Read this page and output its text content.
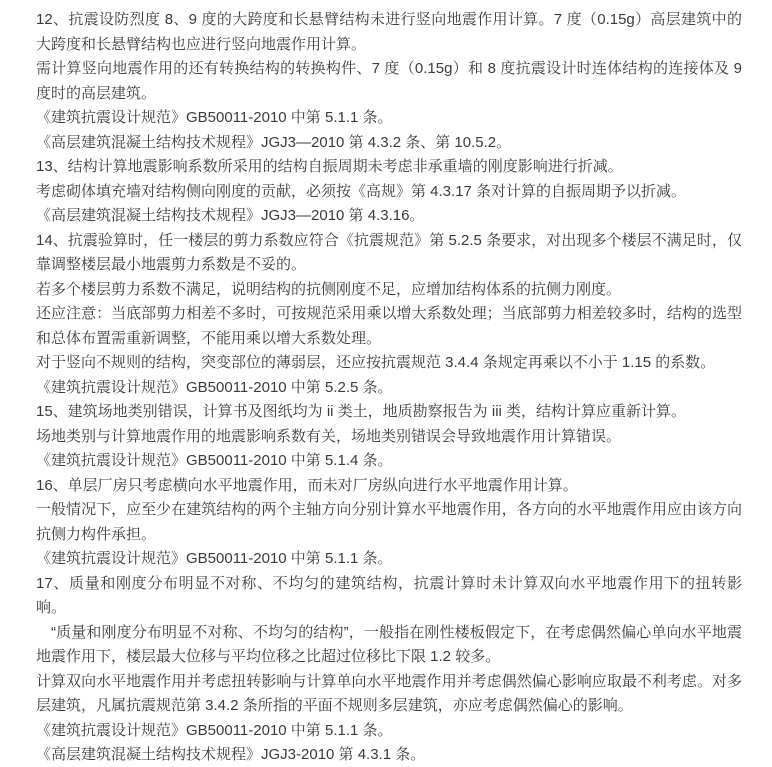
12、抗震设防烈度 8、9 度的大跨度和长悬臂结构未进行竖向地震作用计算。7 度（0.15g）高层建筑中的大跨度和长悬臂结构也应进行竖向地震作用计算。

需计算竖向地震作用的还有转换结构的转换构件、7 度（0.15g）和 8 度抗震设计时连体结构的连接体及 9 度时的高层建筑。

《建筑抗震设计规范》GB50011-2010 中第 5.1.1 条。

《高层建筑混凝土结构技术规程》JGJ3—2010 第 4.3.2 条、第 10.5.2。

13、结构计算地震影响系数所采用的结构自振周期未考虑非承重墙的刚度影响进行折减。

考虑砌体填充墙对结构侧向刚度的贡献，必须按《高规》第 4.3.17 条对计算的自振周期予以折减。

《高层建筑混凝土结构技术规程》JGJ3—2010 第 4.3.16。

14、抗震验算时，任一楼层的剪力系数应符合《抗震规范》第 5.2.5 条要求，对出现多个楼层不满足时，仅靠调整楼层最小地震剪力系数是不妥的。

若多个楼层剪力系数不满足，说明结构的抗侧刚度不足，应增加结构体系的抗侧力刚度。

还应注意：当底部剪力相差不多时，可按规范采用乘以增大系数处理；当底部剪力相差较多时，结构的选型和总体布置需重新调整，不能用乘以增大系数处理。

对于竖向不规则的结构，突变部位的薄弱层，还应按抗震规范 3.4.4 条规定再乘以不小于 1.15 的系数。

《建筑抗震设计规范》GB50011-2010 中第 5.2.5 条。

15、建筑场地类别错误，计算书及图纸均为 ii 类土，地质勘察报告为 iii 类，结构计算应重新计算。

场地类别与计算地震作用的地震影响系数有关，场地类别错误会导致地震作用计算错误。

《建筑抗震设计规范》GB50011-2010 中第 5.1.4 条。

16、单层厂房只考虑横向水平地震作用，而未对厂房纵向进行水平地震作用计算。

一般情况下，应至少在建筑结构的两个主轴方向分别计算水平地震作用，各方向的水平地震作用应由该方向抗侧力构件承担。

《建筑抗震设计规范》GB50011-2010 中第 5.1.1 条。

17、质量和刚度分布明显不对称、不均匀的建筑结构，抗震计算时未计算双向水平地震作用下的扭转影响。

“质量和刚度分布明显不对称、不均匀的结构”，一般指在刚性楼板假定下，在考虑偶然偏心单向水平地震地震作用下，楼层最大位移与平均位移之比超过位移比下限 1.2 较多。

计算双向水平地震作用并考虑扭转影响与计算单向水平地震作用并考虑偶然偏心影响应取最不利考虑。对多层建筑，凡属抗震规范第 3.4.2 条所指的平面不规则多层建筑，亦应考虑偶然偏心的影响。

《建筑抗震设计规范》GB50011-2010 中第 5.1.1 条。

《高层建筑混凝土结构技术规程》JGJ3-2010 第 4.3.1 条。
